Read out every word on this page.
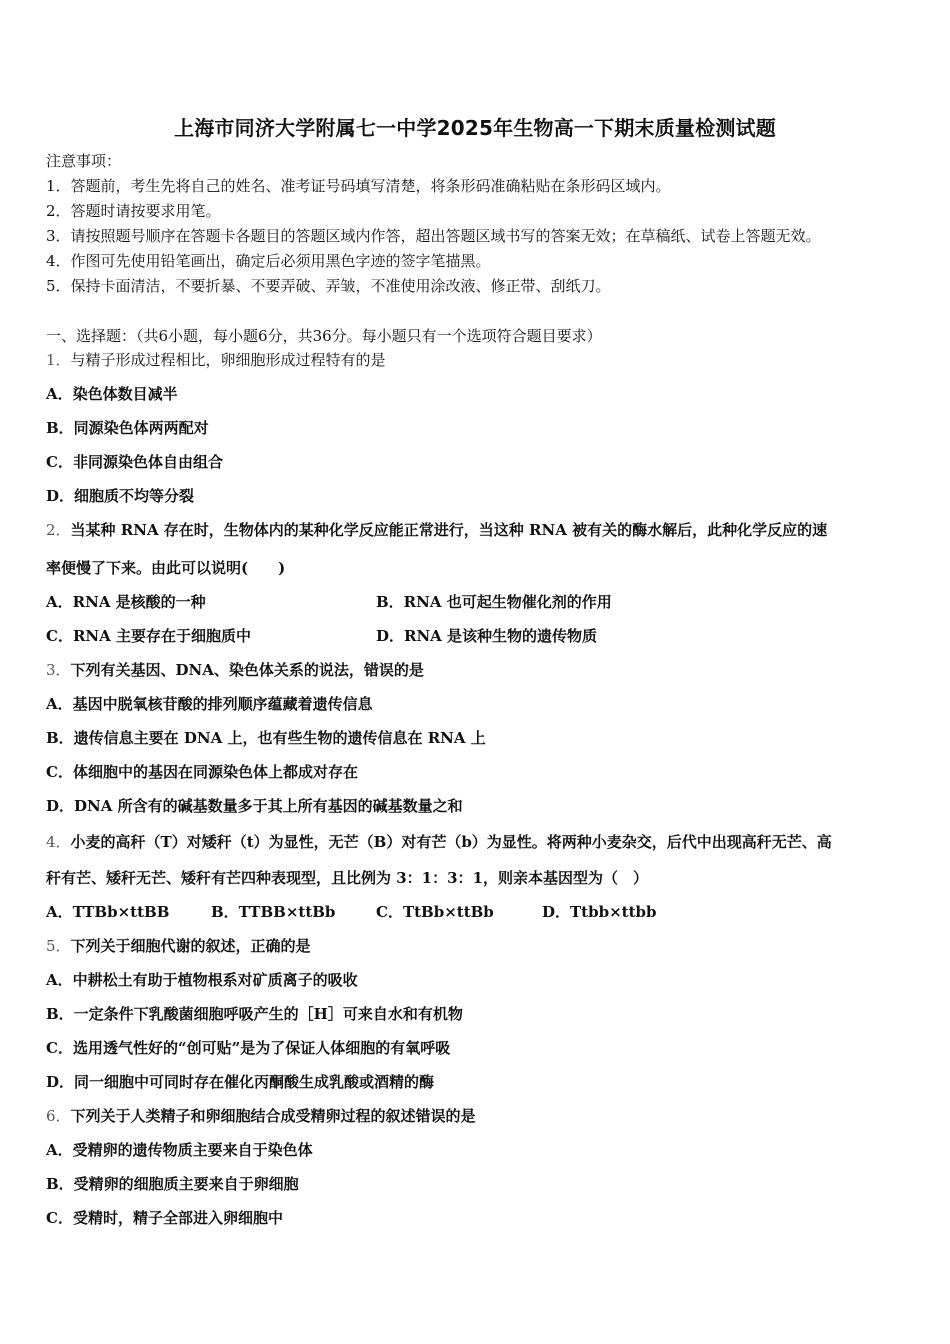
上海市同济大学附属七一中学2025年生物高一下期末质量检测试题
注意事项：
1．答题前，考生先将自己的姓名、准考证号码填写清楚，将条形码准确粘贴在条形码区域内。
2．答题时请按要求用笔。
3．请按照题号顺序在答题卡各题目的答题区域内作答，超出答题区域书写的答案无效；在草稿纸、试卷上答题无效。
4．作图可先使用铅笔画出，确定后必须用黑色字迹的签字笔描黑。
5．保持卡面清洁，不要折暴、不要弄破、弄皱，不准使用涂改液、修正带、刮纸刀。
一、选择题：（共6小题，每小题6分，共36分。每小题只有一个选项符合题目要求）
1．与精子形成过程相比，卵细胞形成过程特有的是
A．染色体数目减半
B．同源染色体两两配对
C．非同源染色体自由组合
D．细胞质不均等分裂
2．当某种 RNA 存在时，生物体内的某种化学反应能正常进行，当这种 RNA 被有关的酶水解后，此种化学反应的速
率便慢了下来。由此可以说明(　　)
A．RNA 是核酸的一种	B．RNA 也可起生物催化剂的作用
C．RNA 主要存在于细胞质中	D．RNA 是该种生物的遗传物质
3．下列有关基因、DNA、染色体关系的说法，错误的是
A．基因中脱氧核苷酸的排列顺序蕴藏着遗传信息
B．遗传信息主要在 DNA 上，也有些生物的遗传信息在 RNA 上
C．体细胞中的基因在同源染色体上都成对存在
D．DNA 所含有的碱基数量多于其上所有基因的碱基数量之和
4．小麦的高秆（T）对矮秆（t）为显性，无芒（B）对有芒（b）为显性。将两种小麦杂交，后代中出现高秆无芒、高
秆有芒、矮秆无芒、矮秆有芒四种表现型，且比例为 3：1：3：1，则亲本基因型为（　）
A．TTBb×ttBB	B．TTBB×ttBb	C．TtBb×ttBb	D．Ttbb×ttbb
5．下列关于细胞代谢的叙述，正确的是
A．中耕松土有助于植物根系对矿质离子的吸收
B．一定条件下乳酸菌细胞呼吸产生的［H］可来自水和有机物
C．选用透气性好的“创可贴”是为了保证人体细胞的有氧呼吸
D．同一细胞中可同时存在催化丙酮酸生成乳酸或酒精的酶
6．下列关于人类精子和卵细胞结合成受精卵过程的叙述错误的是
A．受精卵的遗传物质主要来自于染色体
B．受精卵的细胞质主要来自于卵细胞
C．受精时，精子全部进入卵细胞中
